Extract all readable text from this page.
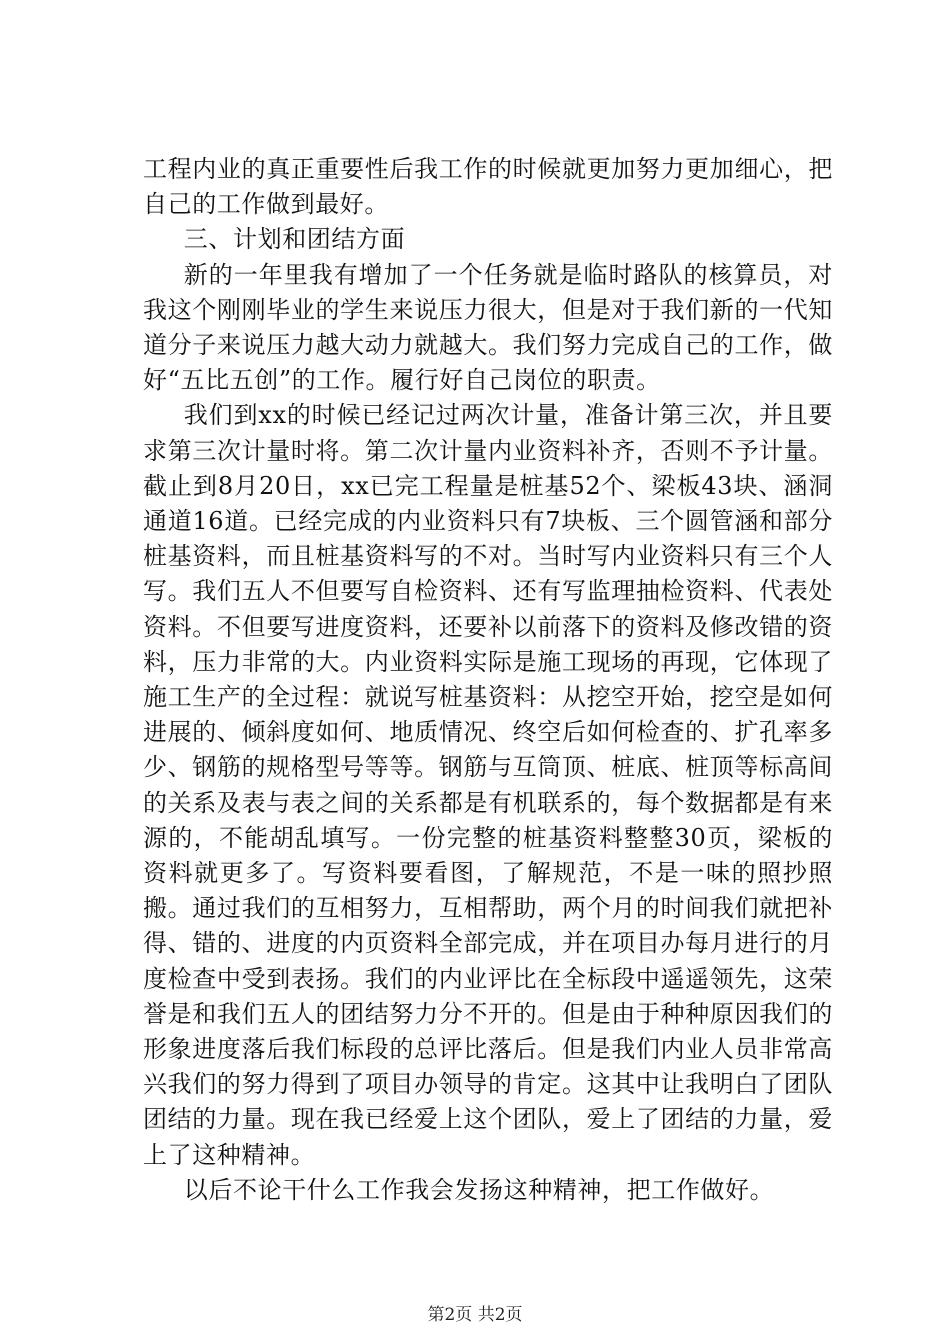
工程内业的真正重要性后我工作的时候就更加努力更加细心，把自己的工作做到最好。

三、计划和团结方面

新的一年里我有增加了一个任务就是临时路队的核算员，对我这个刚刚毕业的学生来说压力很大，但是对于我们新的一代知道分子来说压力越大动力就越大。我们努力完成自己的工作，做好“五比五创”的工作。履行好自己岗位的职责。

我们到xx的时候已经记过两次计量，准备计第三次，并且要求第三次计量时将。第二次计量内业资料补齐，否则不予计量。截止到8月20日，xx已完工程量是桩基52个、梁板43块、涵洞通道16道。已经完成的内业资料只有7块板、三个圆管涵和部分桩基资料，而且桩基资料写的不对。当时写内业资料只有三个人写。我们五人不但要写自检资料、还有写监理抽检资料、代表处资料。不但要写进度资料，还要补以前落下的资料及修改错的资料，压力非常的大。内业资料实际是施工现场的再现，它体现了施工生产的全过程：就说写桩基资料：从挖空开始，挖空是如何进展的、倾斜度如何、地质情况、终空后如何检查的、扩孔率多少、钢筋的规格型号等等。钢筋与互筒顶、桩底、桩顶等标高间的关系及表与表之间的关系都是有机联系的，每个数据都是有来源的，不能胡乱填写。一份完整的桩基资料整整30页，梁板的资料就更多了。写资料要看图，了解规范，不是一味的照抄照搬。通过我们的互相努力，互相帮助，两个月的时间我们就把补得、错的、进度的内页资料全部完成，并在项目办每月进行的月度检查中受到表扬。我们的内业评比在全标段中遥遥领先，这荣誉是和我们五人的团结努力分不开的。但是由于种种原因我们的形象进度落后我们标段的总评比落后。但是我们内业人员非常高兴我们的努力得到了项目办领导的肯定。这其中让我明白了团队团结的力量。现在我已经爱上这个团队，爱上了团结的力量，爱上了这种精神。

以后不论干什么工作我会发扬这种精神，把工作做好。

第2页 共2页
